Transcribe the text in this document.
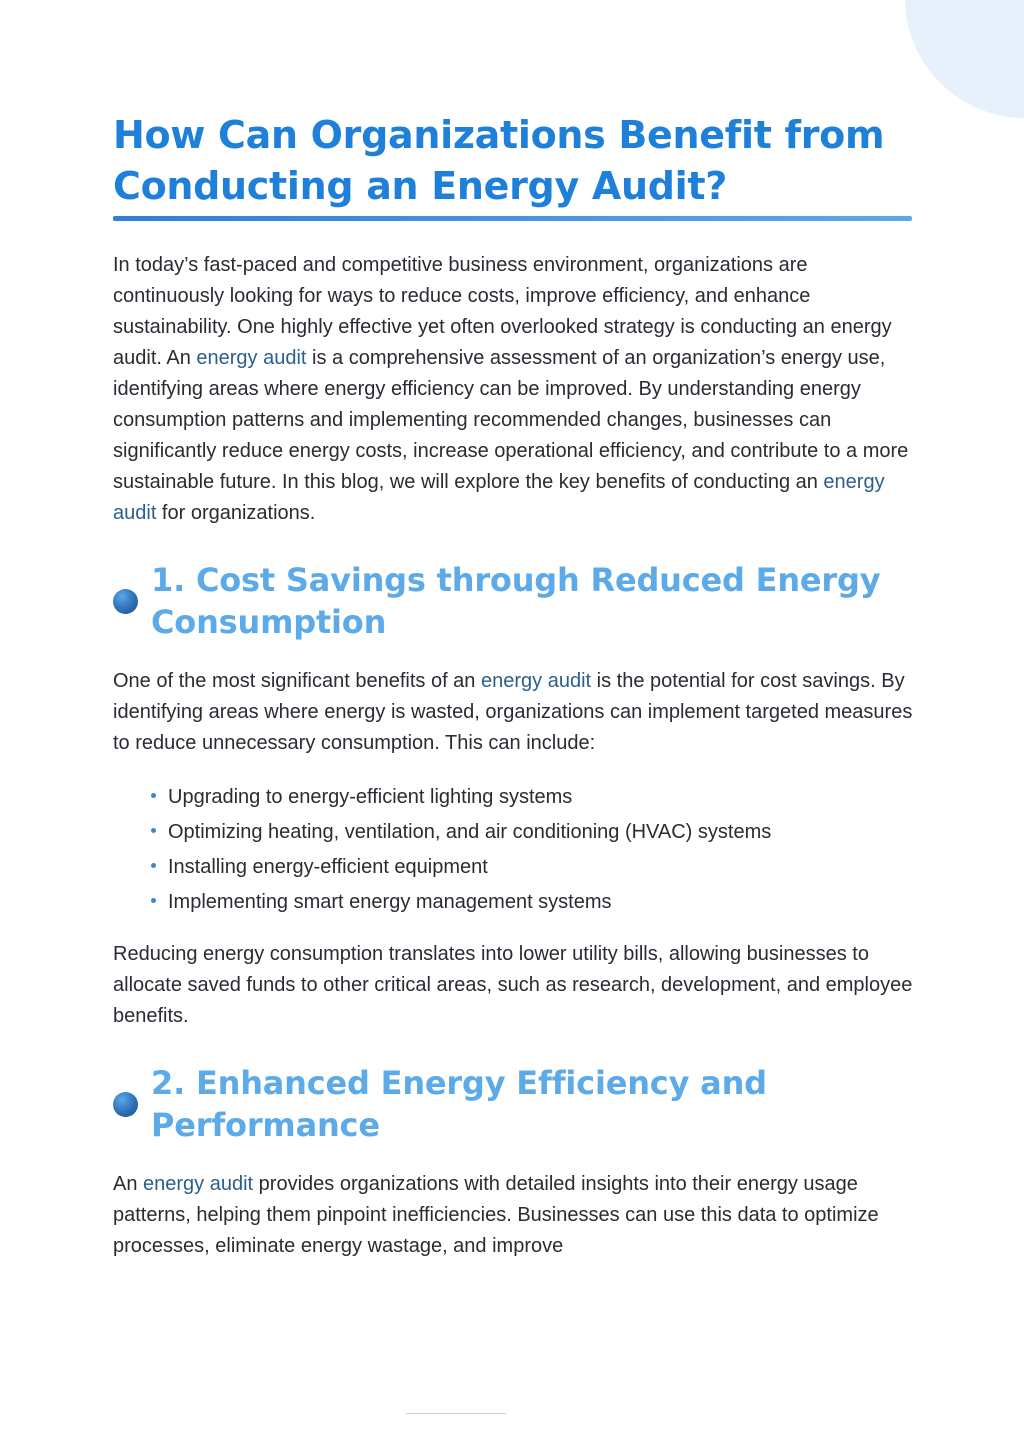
How Can Organizations Benefit from Conducting an Energy Audit?

In today’s fast-paced and competitive business environment, organizations are continuously looking for ways to reduce costs, improve efficiency, and enhance sustainability. One highly effective yet often overlooked strategy is conducting an energy audit. An energy audit is a comprehensive assessment of an organization’s energy use, identifying areas where energy efficiency can be improved. By understanding energy consumption patterns and implementing recommended changes, businesses can significantly reduce energy costs, increase operational efficiency, and contribute to a more sustainable future. In this blog, we will explore the key benefits of conducting an energy audit for organizations.

1. Cost Savings through Reduced Energy Consumption

One of the most significant benefits of an energy audit is the potential for cost savings. By identifying areas where energy is wasted, organizations can implement targeted measures to reduce unnecessary consumption. This can include:

Upgrading to energy-efficient lighting systems
Optimizing heating, ventilation, and air conditioning (HVAC) systems
Installing energy-efficient equipment
Implementing smart energy management systems

Reducing energy consumption translates into lower utility bills, allowing businesses to allocate saved funds to other critical areas, such as research, development, and employee benefits.

2. Enhanced Energy Efficiency and Performance

An energy audit provides organizations with detailed insights into their energy usage patterns, helping them pinpoint inefficiencies. Businesses can use this data to optimize processes, eliminate energy wastage, and improve
